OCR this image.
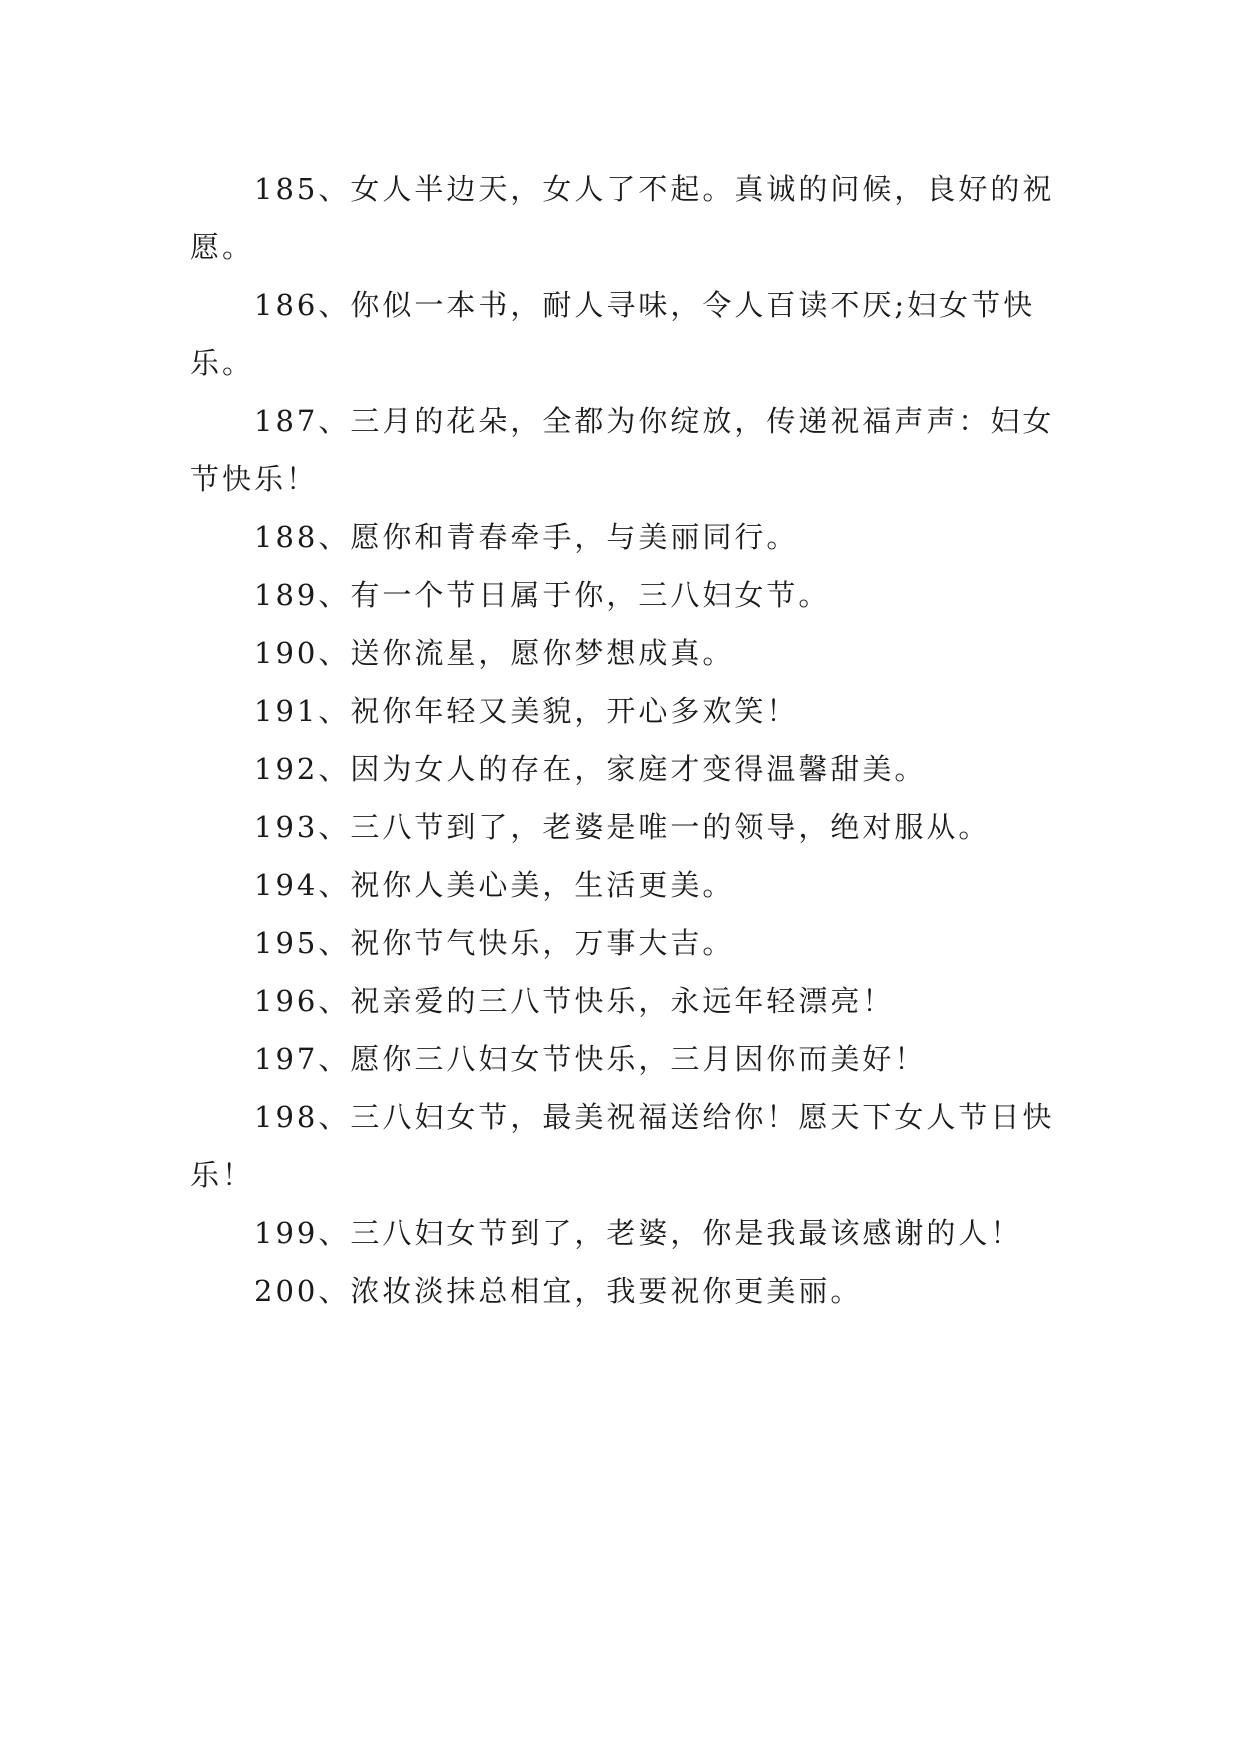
185、女人半边天，女人了不起。真诚的问候，良好的祝愿。

186、你似一本书，耐人寻味，令人百读不厌;妇女节快乐。

187、三月的花朵，全都为你绽放，传递祝福声声：妇女节快乐！

188、愿你和青春牵手，与美丽同行。

189、有一个节日属于你，三八妇女节。

190、送你流星，愿你梦想成真。

191、祝你年轻又美貌，开心多欢笑！

192、因为女人的存在，家庭才变得温馨甜美。

193、三八节到了，老婆是唯一的领导，绝对服从。

194、祝你人美心美，生活更美。

195、祝你节气快乐，万事大吉。

196、祝亲爱的三八节快乐，永远年轻漂亮！

197、愿你三八妇女节快乐，三月因你而美好！

198、三八妇女节，最美祝福送给你！愿天下女人节日快乐！

199、三八妇女节到了，老婆，你是我最该感谢的人！

200、浓妆淡抹总相宜，我要祝你更美丽。
